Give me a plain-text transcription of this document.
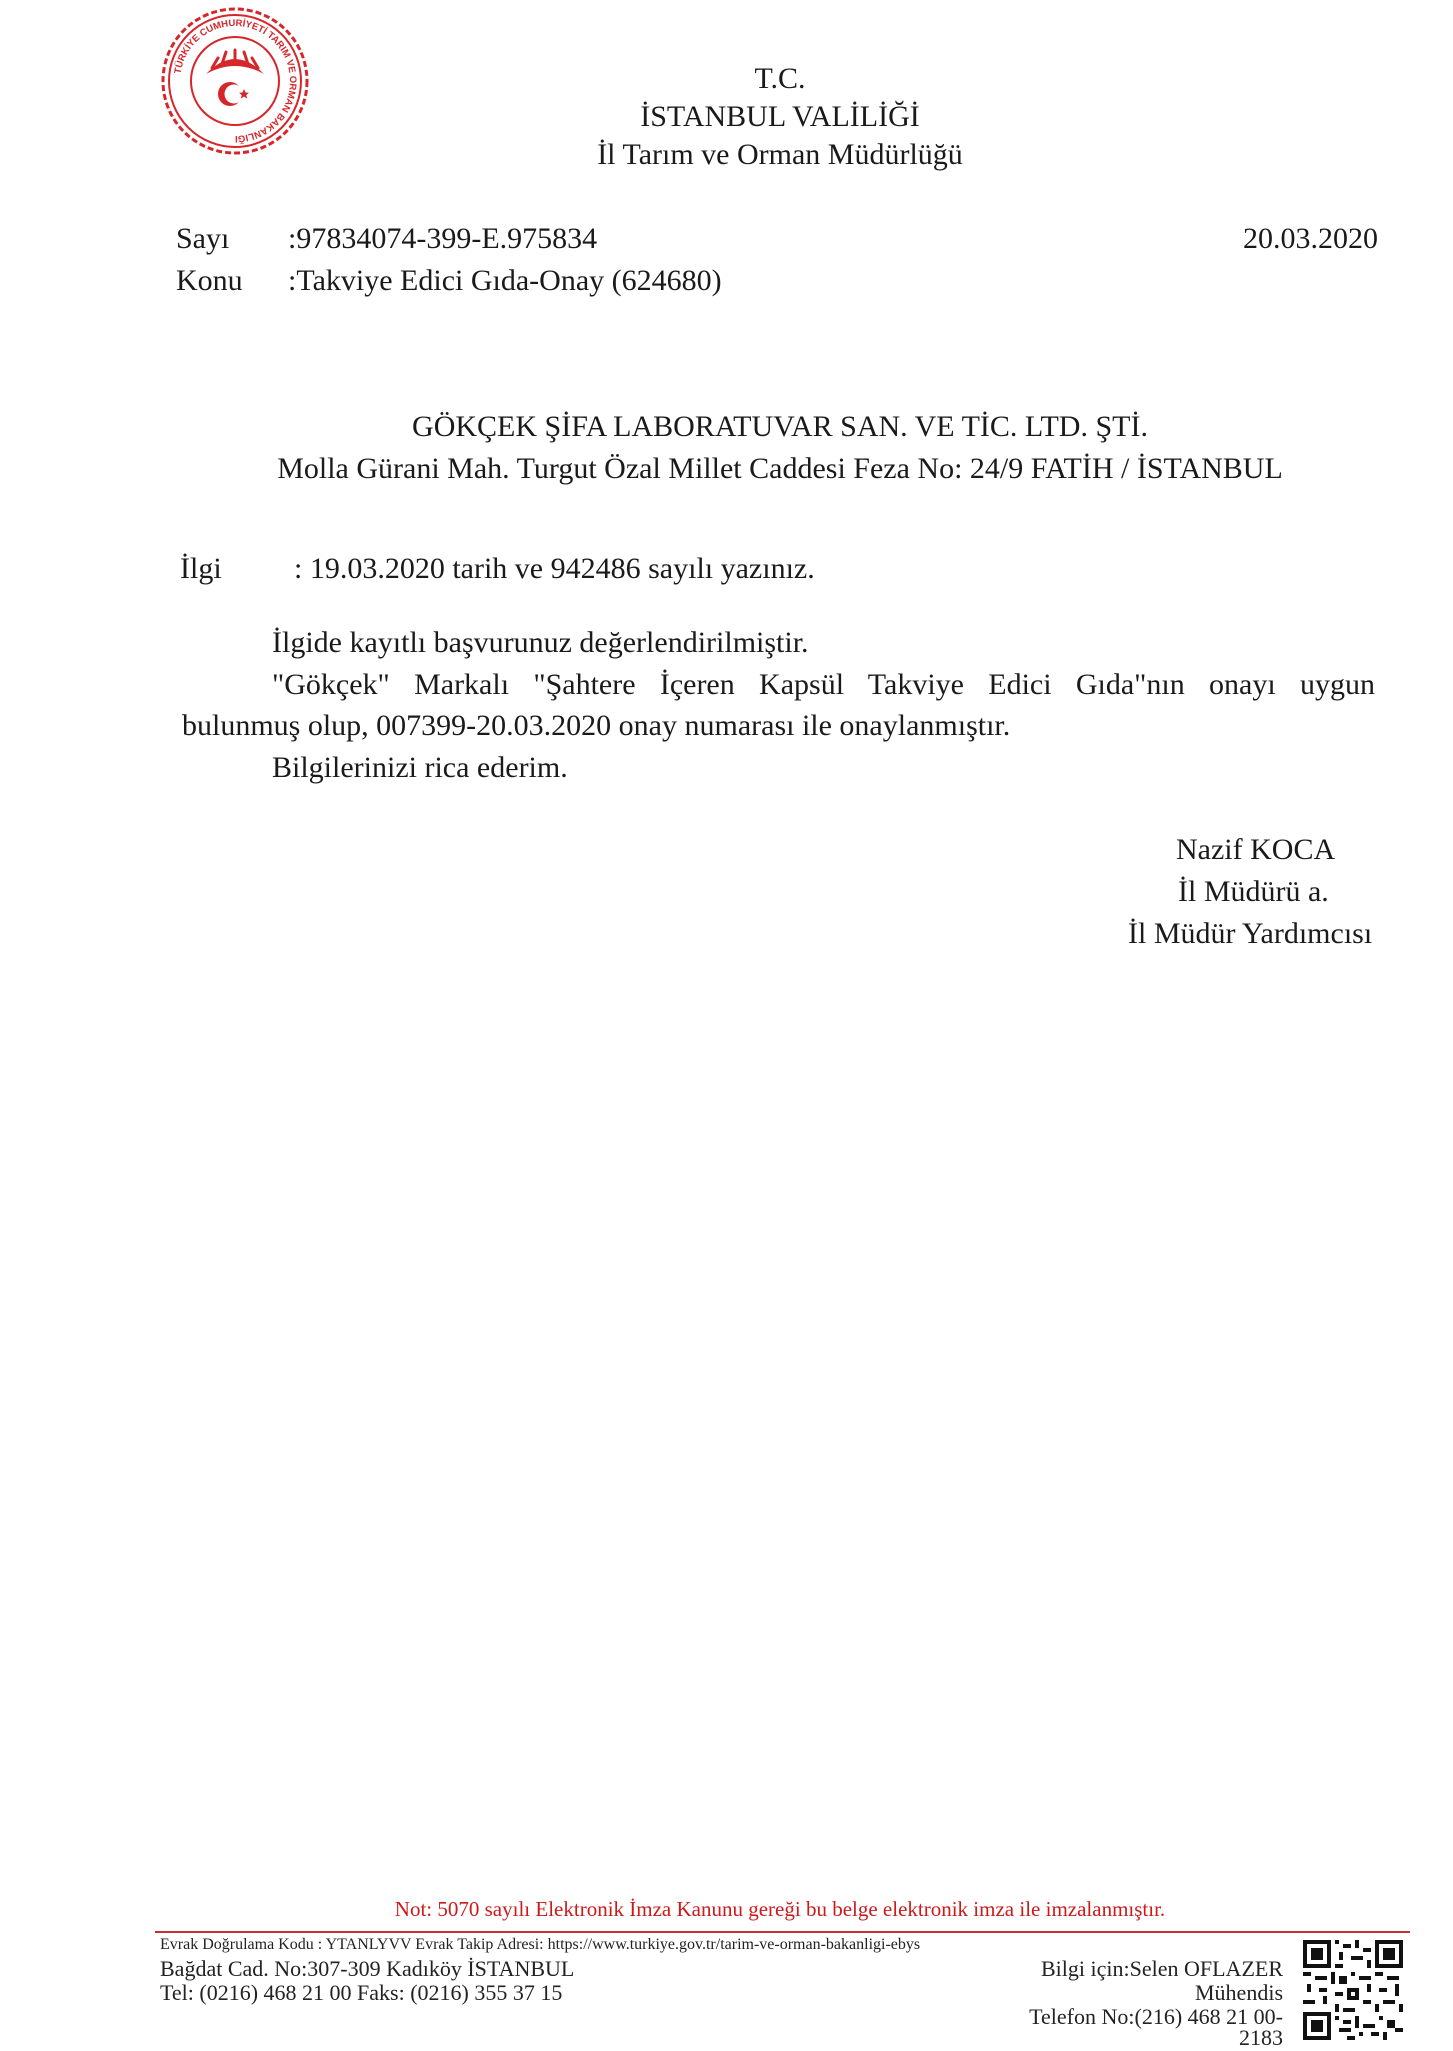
TÜRKİYE CUMHURİYETİ TARIM VE ORMAN BAKANLIĞI
T.C.
İSTANBUL VALİLİĞİ
İl Tarım ve Orman Müdürlüğü
Sayı :97834074-399-E.975834	20.03.2020
Konu :Takviye Edici Gıda-Onay (624680)
GÖKÇEK ŞİFA LABORATUVAR SAN. VE TİC. LTD. ŞTİ.
Molla Gürani Mah. Turgut Özal Millet Caddesi Feza No: 24/9 FATİH / İSTANBUL
İlgi : 19.03.2020 tarih ve 942486 sayılı yazınız.
İlgide kayıtlı başvurunuz değerlendirilmiştir.
"Gökçek" Markalı "Şahtere İçeren Kapsül Takviye Edici Gıda"nın onayı uygun
bulunmuş olup, 007399-20.03.2020 onay numarası ile onaylanmıştır.
Bilgilerinizi rica ederim.
Nazif KOCA
İl Müdürü a.
İl Müdür Yardımcısı
Not: 5070 sayılı Elektronik İmza Kanunu gereği bu belge elektronik imza ile imzalanmıştır.
Evrak Doğrulama Kodu : YTANLYVV Evrak Takip Adresi: https://www.turkiye.gov.tr/tarim-ve-orman-bakanligi-ebys
Bağdat Cad. No:307-309 Kadıköy İSTANBUL
Tel: (0216) 468 21 00 Faks: (0216) 355 37 15
Bilgi için:Selen OFLAZER
Mühendis
Telefon No:(216) 468 21 00-
2183
